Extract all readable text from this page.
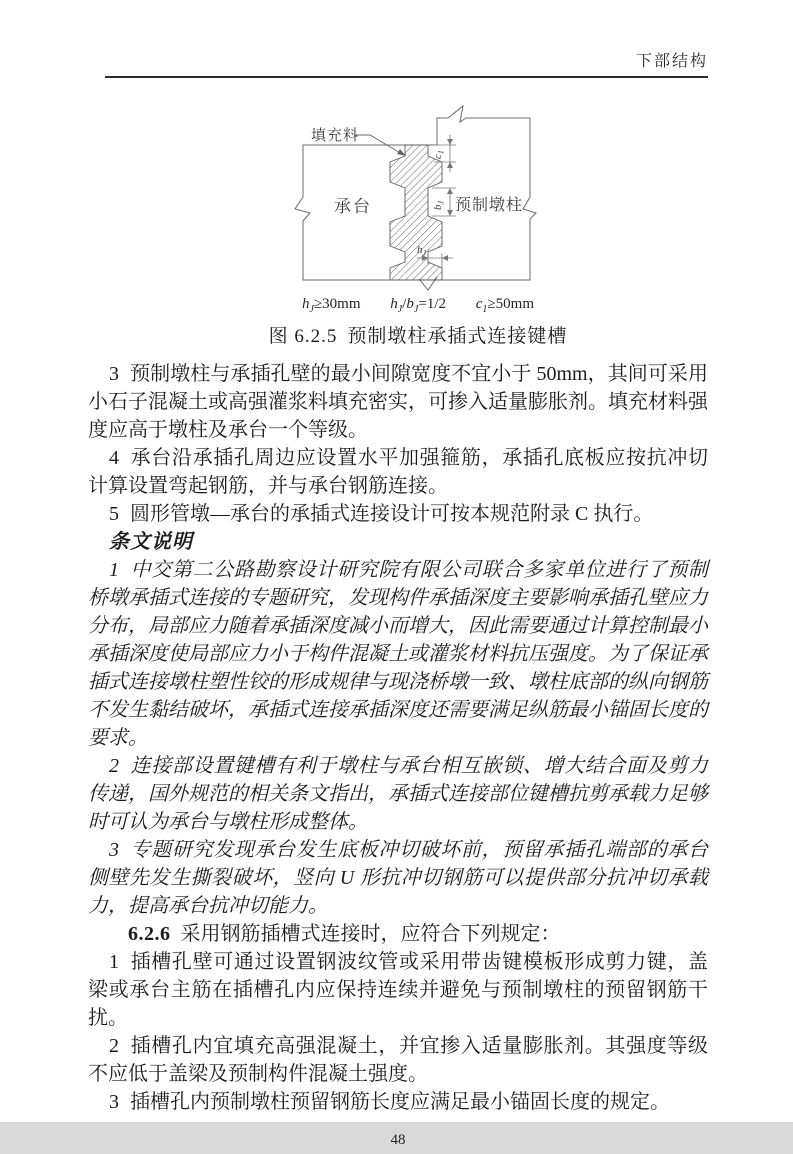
下部结构
$c_1$
$b_J$
$h_J$
填充料
承台	预制墩柱
$h_J\ge 30mm$ $h_J/b_J=1/2$ $c_1\ge 50mm$
图 6.2.5 预制墩柱承插式连接键槽

3 预制墩柱与承插孔壁的最小间隙宽度不宜小于 50mm，其间可采用小石子混凝土或高强灌浆料填充密实，可掺入适量膨胀剂。填充材料强度应高于墩柱及承台一个等级。

4 承台沿承插孔周边应设置水平加强箍筋，承插孔底板应按抗冲切计算设置弯起钢筋，并与承台钢筋连接。

5 圆形管墩—承台的承插式连接设计可按本规范附录 C 执行。

条文说明

1 中交第二公路勘察设计研究院有限公司联合多家单位进行了预制桥墩承插式连接的专题研究，发现构件承插深度主要影响承插孔壁应力分布，局部应力随着承插深度减小而增大，因此需要通过计算控制最小承插深度使局部应力小于构件混凝土或灌浆材料抗压强度。为了保证承插式连接墩柱塑性铰的形成规律与现浇桥墩一致、墩柱底部的纵向钢筋不发生黏结破坏，承插式连接承插深度还需要满足纵筋最小锚固长度的要求。

2 连接部设置键槽有利于墩柱与承台相互嵌锁、增大结合面及剪力传递，国外规范的相关条文指出，承插式连接部位键槽抗剪承载力足够时可认为承台与墩柱形成整体。

3 专题研究发现承台发生底板冲切破坏前，预留承插孔端部的承台侧壁先发生撕裂破坏，竖向 U 形抗冲切钢筋可以提供部分抗冲切承载力，提高承台抗冲切能力。

6.2.6 采用钢筋插槽式连接时，应符合下列规定：

1 插槽孔壁可通过设置钢波纹管或采用带齿键模板形成剪力键，盖梁或承台主筋在插槽孔内应保持连续并避免与预制墩柱的预留钢筋干扰。

2 插槽孔内宜填充高强混凝土，并宜掺入适量膨胀剂。其强度等级不应低于盖梁及预制构件混凝土强度。

3 插槽孔内预制墩柱预留钢筋长度应满足最小锚固长度的规定。

48
